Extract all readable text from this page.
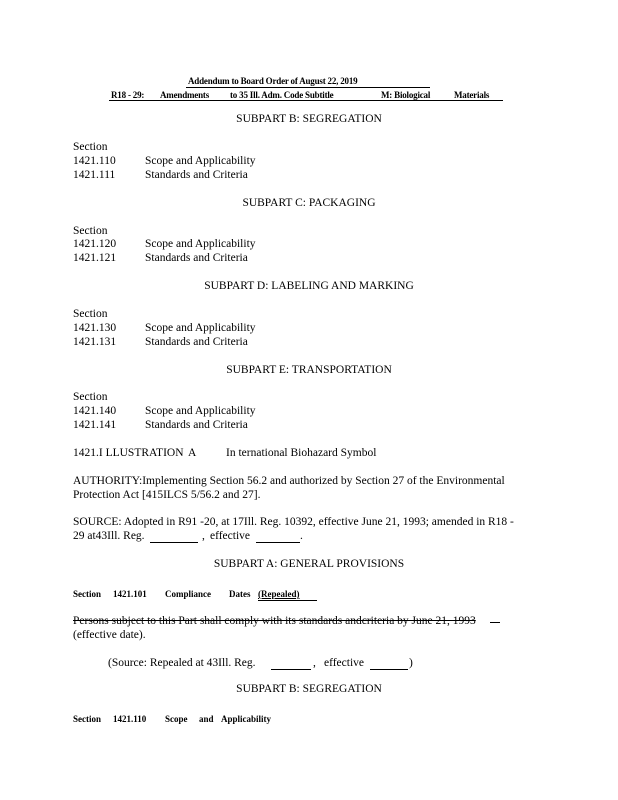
Addendum to Board Order of August 22, 2019
R18 - 29: Amendments to 35 Ill. Adm. Code Subtitle	M: Biological	Materials
SUBPART B: SEGREGATION
Section
1421.110	Scope and Applicability
1421.111	Standards and Criteria
SUBPART C: PACKAGING
Section
1421.120	Scope and Applicability
1421.121	Standards and Criteria
SUBPART D: LABELING AND MARKING
Section
1421.130	Scope and Applicability
1421.131	Standards and Criteria
SUBPART E: TRANSPORTATION
Section
1421.140	Scope and Applicability
1421.141	Standards and Criteria
1421.I LLUSTRATION A	In ternational Biohazard Symbol
AUTHORITY:Implementing Section 56.2 and authorized by Section 27 of the Environmental
Protection Act [415ILCS 5/56.2 and 27].
SOURCE: Adopted in R91 -20, at 17Ill. Reg. 10392, effective June 21, 1993; amended in R18 -
29 at43Ill. Reg.	, effective	.
SUBPART A: GENERAL PROVISIONS
Section 1421.101 Compliance Dates (Repealed)
Persons subject to this Part shall comply with its standards andcriteria by June 21, 1993
(effective date).
(Source: Repealed at 43Ill. Reg.	, effective	)
SUBPART B: SEGREGATION
Section 1421.110 Scope and Applicability
